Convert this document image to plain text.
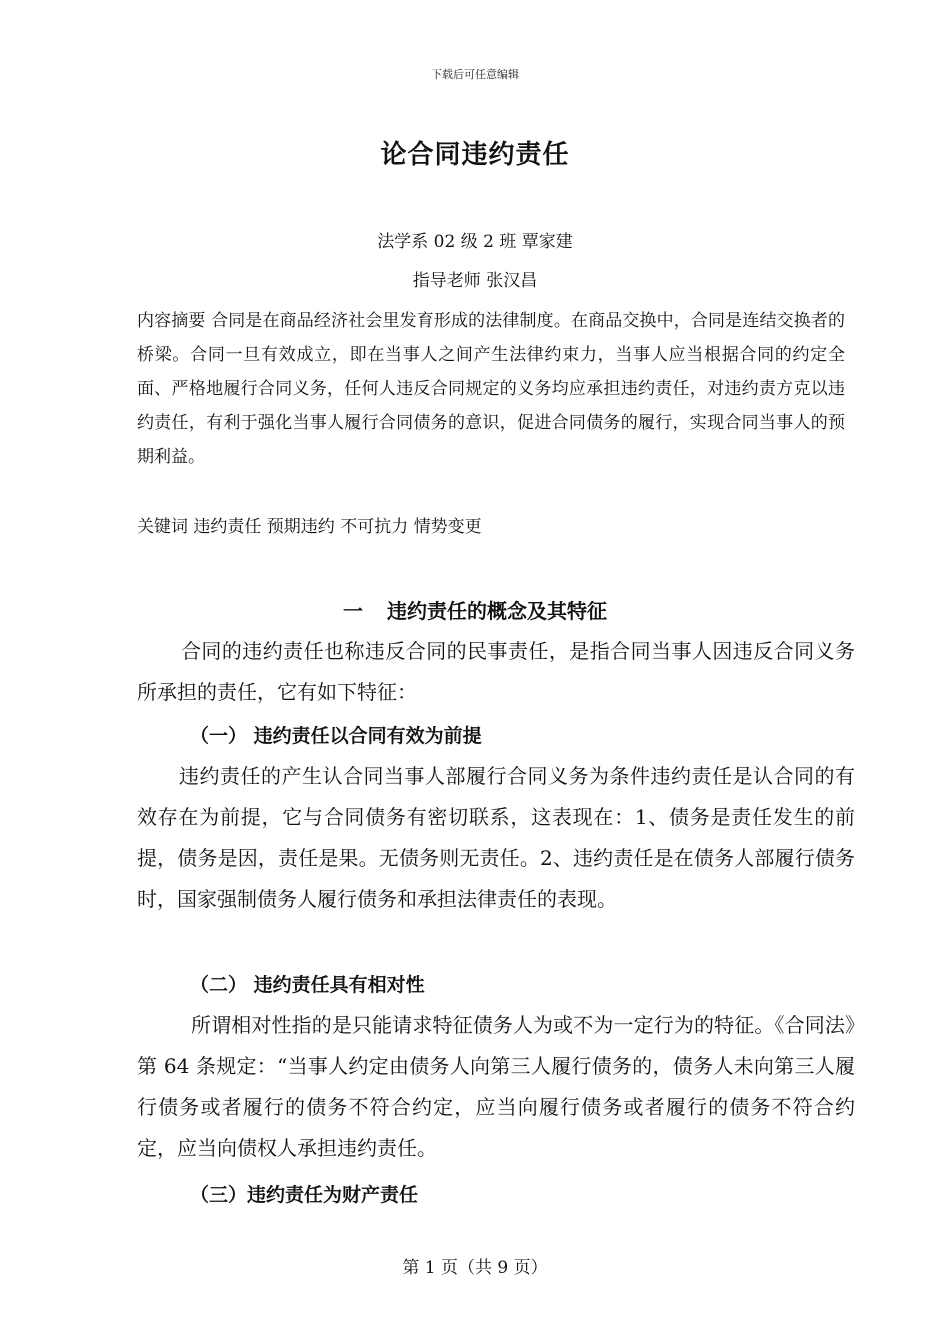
下载后可任意编辑
论合同违约责任
法学系 02 级 2 班 覃家建
指导老师 张汉昌
内容摘要 合同是在商品经济社会里发育形成的法律制度。在商品交换中，合同是连结交换者的桥梁。合同一旦有效成立，即在当事人之间产生法律约束力，当事人应当根据合同的约定全面、严格地履行合同义务，任何人违反合同规定的义务均应承担违约责任，对违约责方克以违约责任，有利于强化当事人履行合同债务的意识，促进合同债务的履行，实现合同当事人的预期利益。
关键词 违约责任 预期违约 不可抗力 情势变更
一 违约责任的概念及其特征
合同的违约责任也称违反合同的民事责任，是指合同当事人因违反合同义务所承担的责任，它有如下特征：
（一） 违约责任以合同有效为前提
违约责任的产生认合同当事人部履行合同义务为条件违约责任是认合同的有效存在为前提，它与合同债务有密切联系，这表现在：1、债务是责任发生的前提，债务是因，责任是果。无债务则无责任。2、违约责任是在债务人部履行债务时，国家强制债务人履行债务和承担法律责任的表现。
（二） 违约责任具有相对性
所谓相对性指的是只能请求特征债务人为或不为一定行为的特征。《合同法》第 64 条规定：“当事人约定由债务人向第三人履行债务的，债务人未向第三人履行债务或者履行的债务不符合约定，应当向履行债务或者履行的债务不符合约定，应当向债权人承担违约责任。
（三）违约责任为财产责任
第 1 页（共 9 页）
